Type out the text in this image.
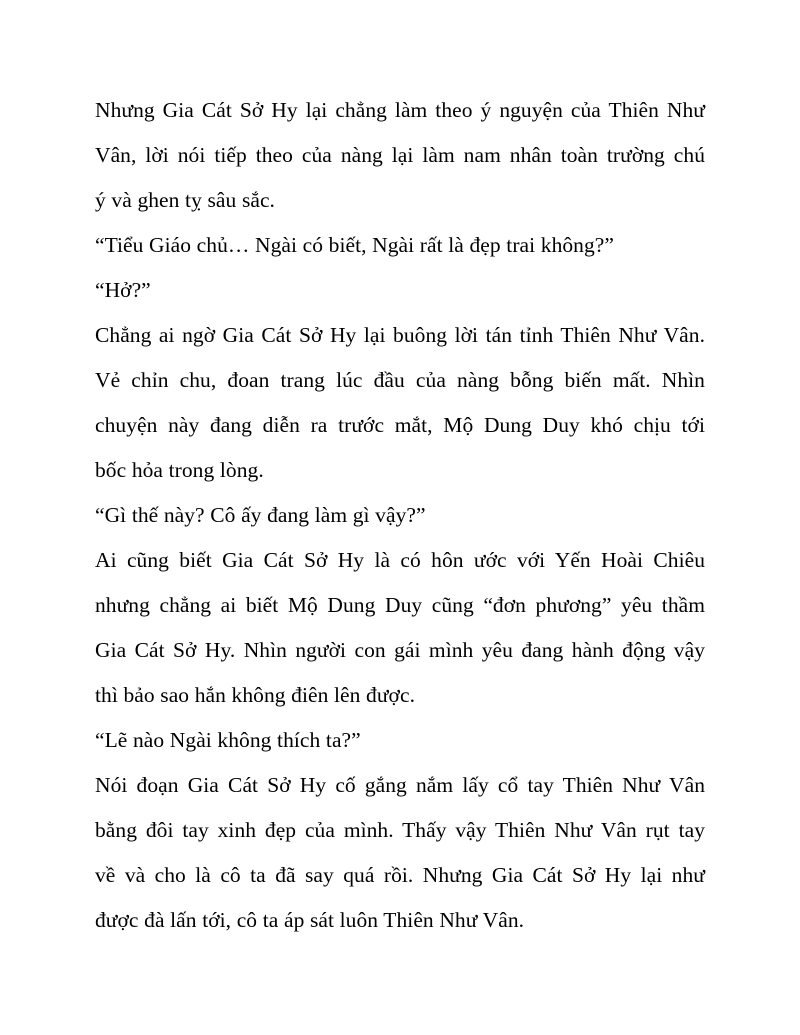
Nhưng Gia Cát Sở Hy lại chẳng làm theo ý nguyện của Thiên Như
Vân, lời nói tiếp theo của nàng lại làm nam nhân toàn trường chú
ý và ghen tỵ sâu sắc.

“Tiểu Giáo chủ… Ngài có biết, Ngài rất là đẹp trai không?”

“Hở?”

Chẳng ai ngờ Gia Cát Sở Hy lại buông lời tán tỉnh Thiên Như Vân.
Vẻ chỉn chu, đoan trang lúc đầu của nàng bỗng biến mất. Nhìn
chuyện này đang diễn ra trước mắt, Mộ Dung Duy khó chịu tới
bốc hỏa trong lòng.

“Gì thế này? Cô ấy đang làm gì vậy?”

Ai cũng biết Gia Cát Sở Hy là có hôn ước với Yến Hoài Chiêu
nhưng chẳng ai biết Mộ Dung Duy cũng “đơn phương” yêu thầm
Gia Cát Sở Hy. Nhìn người con gái mình yêu đang hành động vậy
thì bảo sao hắn không điên lên được.

“Lẽ nào Ngài không thích ta?”

Nói đoạn Gia Cát Sở Hy cố gắng nắm lấy cổ tay Thiên Như Vân
bằng đôi tay xinh đẹp của mình. Thấy vậy Thiên Như Vân rụt tay
về và cho là cô ta đã say quá rồi. Nhưng Gia Cát Sở Hy lại như
được đà lấn tới, cô ta áp sát luôn Thiên Như Vân.
